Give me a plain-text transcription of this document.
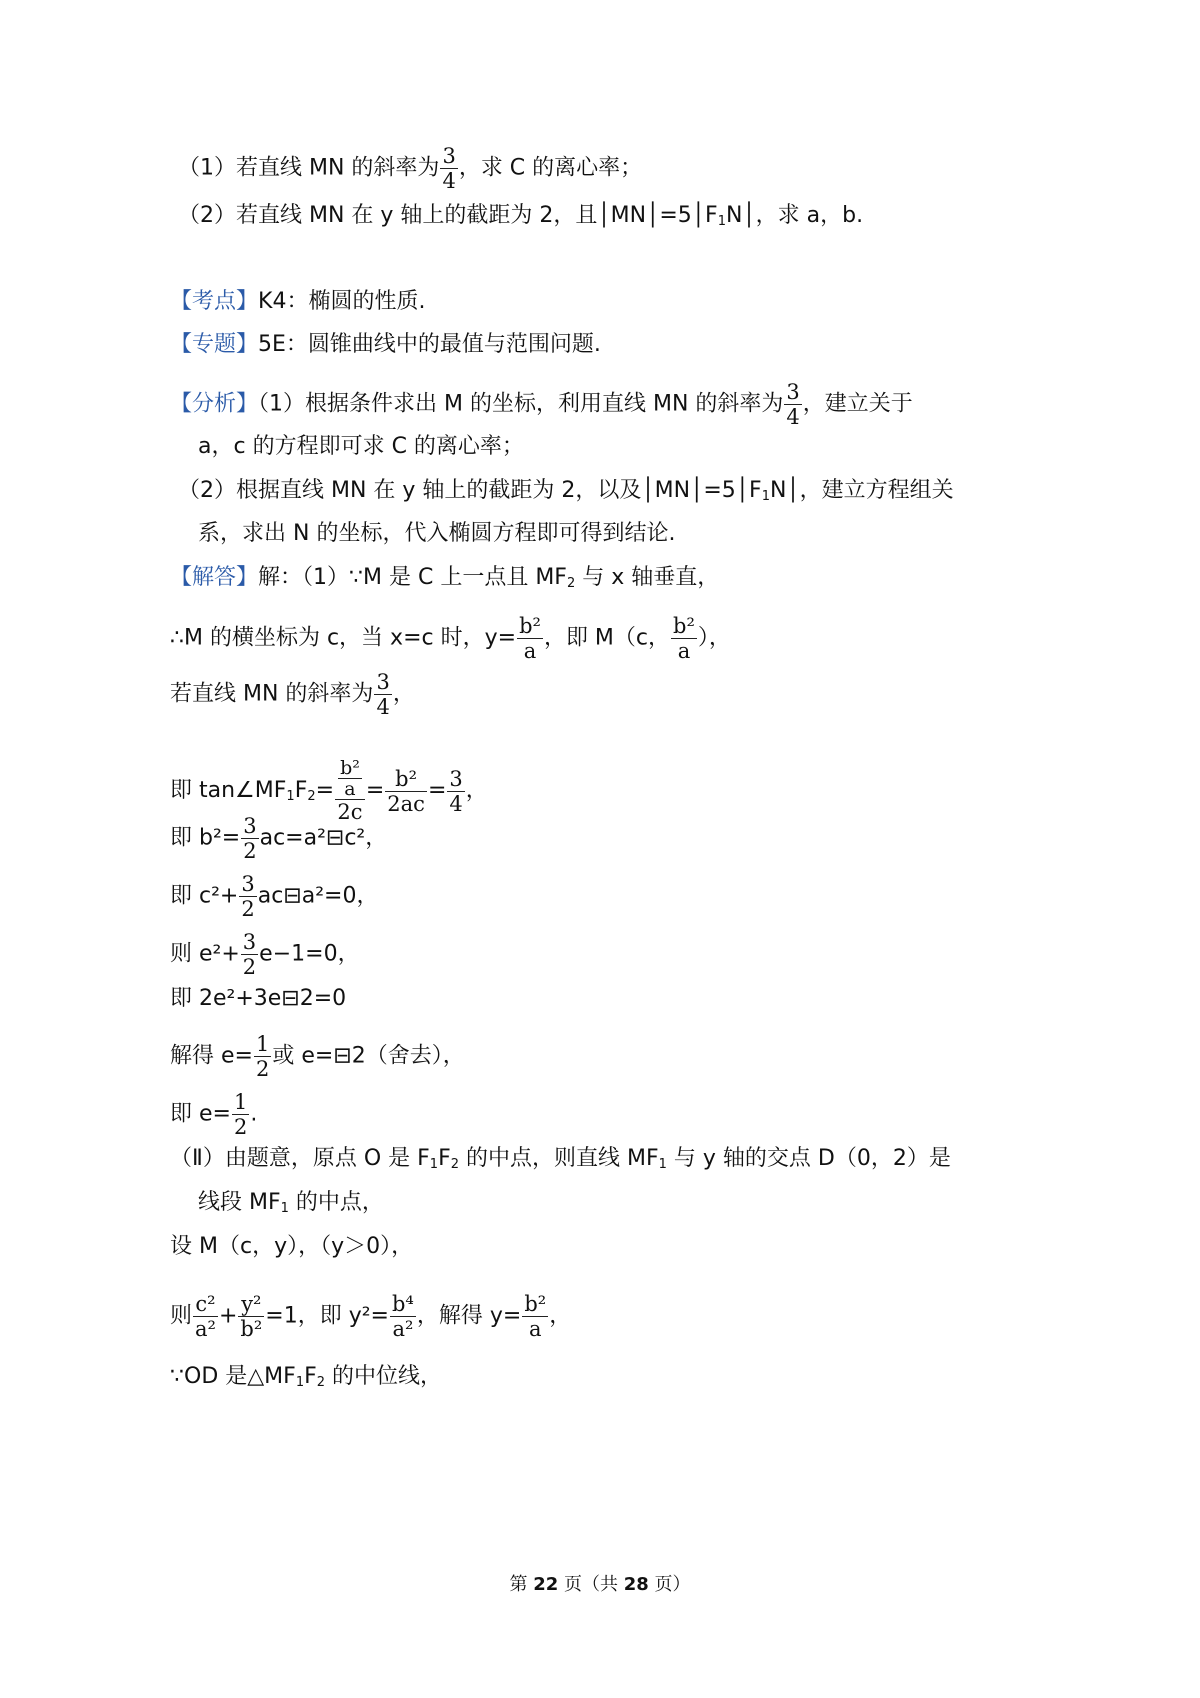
（1）若直线 MN 的斜率为 $\frac{3}{4}$ ，求 C 的离心率；
（2）若直线 MN 在 y 轴上的截距为 2，且$│MN│=5│F_1N│$，求 a，b.
【考点】K4：椭圆的性质.
【专题】5E：圆锥曲线中的最值与范围问题.
【分析】（1）根据条件求出 M 的坐标，利用直线 MN 的斜率为 $\frac{3}{4}$ ，建立关于
a，c 的方程即可求 C 的离心率；
（2）根据直线 MN 在 y 轴上的截距为 2，以及$│MN│=5│F_1N│$，建立方程组关
系，求出 N 的坐标，代入椭圆方程即可得到结论.
【解答】解：（1）∵M 是 C 上一点且 $MF_2$ 与 x 轴垂直，
∴M 的横坐标为 c，当 x=c 时，$y= \frac{\text{b²}}{a}$ ，即 M（c， $\frac{\text{b²}}{a}$ ），
若直线 MN 的斜率为 $\frac{3}{4}$ ，
即 $\tan\angle MF_1F_2= \frac{\frac{\text{b²}}{a}}{2c} = \frac{\text{b²}}{2ac} = \frac{3}{4}$ ，
即 $b^2= \frac{3}{2}$ ac=a²⊟c²，
即 $c^2+ \frac{3}{2}$ ac⊟a²=0，
则 $e^2+ \frac{3}{2} e-1=0$，
即 2e²+3e⊟2=0
解得 $e= \frac{1}{2}$ 或 e=⊟2（舍去），
即 $e= \frac{1}{2}$ .
（Ⅱ）由题意，原点 O 是 $F_1F_2$ 的中点，则直线 $MF_1$ 与 y 轴的交点 D（0，2）是
线段 $MF_1$ 的中点，
设 M（c，y），（y＞0），
则 $\frac{\text{c²}}{\text{a²}} + \frac{\text{y²}}{\text{b²}} =1$，即 $y^2= \frac{\text{b⁴}}{\text{a²}}$ ，解得 $y= \frac{\text{b²}}{a}$ ，
∵OD 是$\triangle MF_1F_2$ 的中位线，
第 22 页（共 28 页）
